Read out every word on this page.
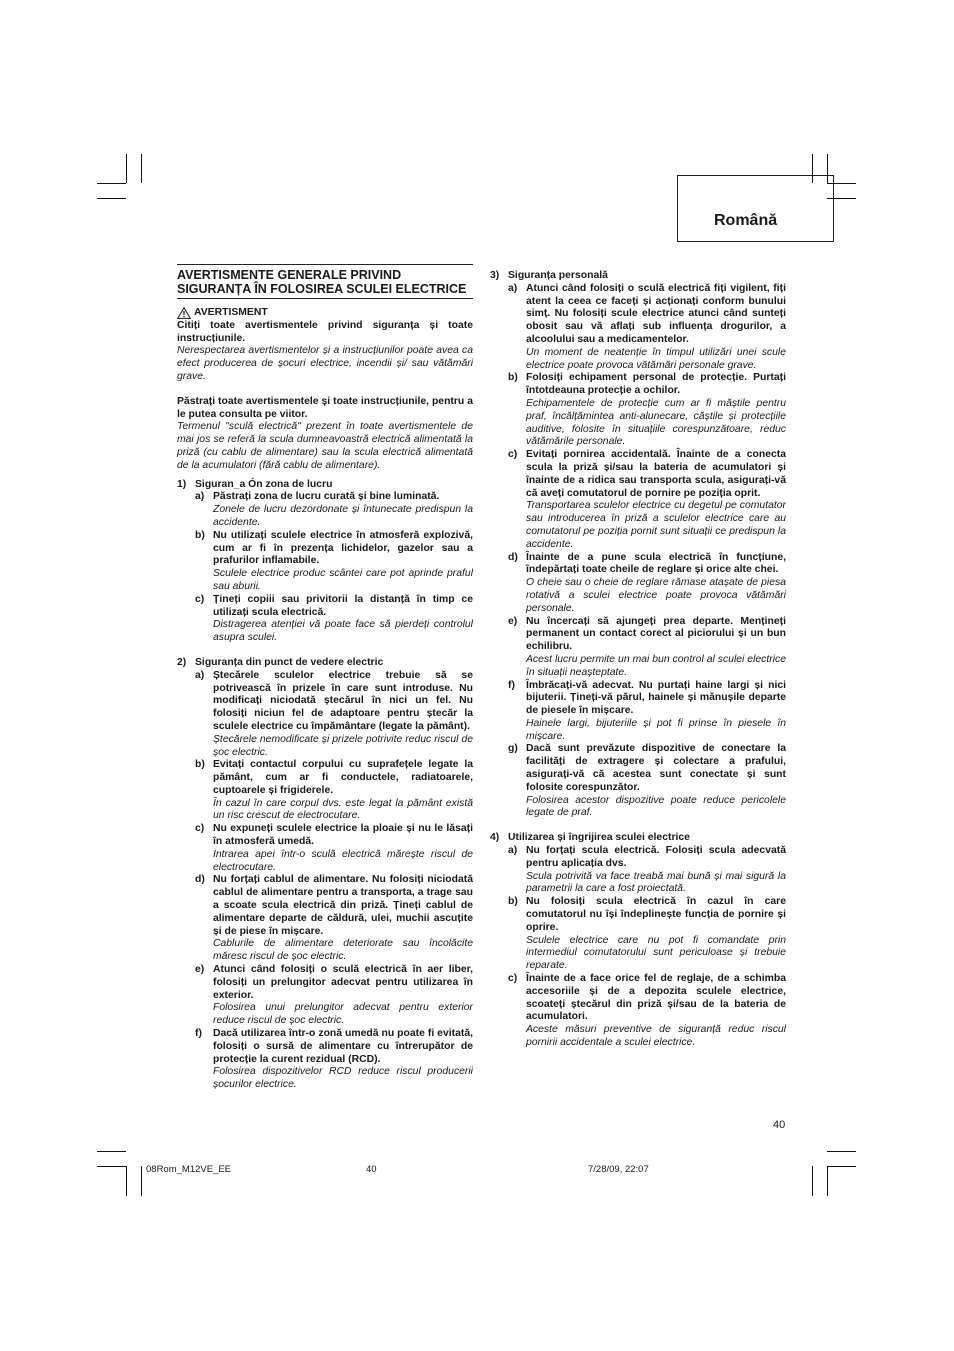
Română
AVERTISMENTE GENERALE PRIVIND SIGURANȚA ÎN FOLOSIREA SCULEI ELECTRICE
AVERTISMENT

Citiți toate avertismentele privind siguranța și toate instrucțiunile.

Nerespectarea avertismentelor și a instrucțiunilor poate avea ca efect producerea de șocuri electrice, incendii și/ sau vătămări grave.

Păstrați toate avertismentele și toate instrucțiunile, pentru a le putea consulta pe viitor.

Termenul "sculă electrică" prezent în toate avertismentele de mai jos se referă la scula dumneavoastră electrică alimentată la priză (cu cablu de alimentare) sau la scula electrică alimentată de la acumulatori (fără cablu de alimentare).

1) Siguran_a Ón zona de lucru
a) Păstrați zona de lucru curată și bine luminată.

Zonele de lucru dezordonate și întunecate predispun la accidente.

b) Nu utilizați sculele electrice în atmosferă explozivă, cum ar fi în prezența lichidelor, gazelor sau a prafurilor inflamabile.

Sculele electrice produc scântei care pot aprinde praful sau aburii.

c) Țineți copiii sau privitorii la distanță în timp ce utilizați scula electrică.

Distragerea atenției vă poate face să pierdeți controlul asupra sculei.

2) Siguranța din punct de vedere electric
a) Ștecărele sculelor electrice trebuie să se potrivească în prizele în care sunt introduse. Nu modificați niciodată ștecărul în nici un fel. Nu folosiți niciun fel de adaptoare pentru ștecăr la sculele electrice cu împământare (legate la pământ).

Ștecărele nemodificate și prizele potrivite reduc riscul de șoc electric.

b) Evitați contactul corpului cu suprafețele legate la pământ, cum ar fi conductele, radiatoarele, cuptoarele și frigiderele.

În cazul în care corpul dvs. este legat la pământ există un risc crescut de electrocutare.

c) Nu expuneți sculele electrice la ploaie și nu le lăsați în atmosferă umedă.

Intrarea apei într-o sculă electrică mărește riscul de electrocutare.

d) Nu forțați cablul de alimentare. Nu folosiți niciodată cablul de alimentare pentru a transporta, a trage sau a scoate scula electrică din priză. Țineți cablul de alimentare departe de căldură, ulei, muchii ascuțite și de piese în mișcare.

Cablurile de alimentare deteriorate sau încolăcite măresc riscul de șoc electric.

e) Atunci când folosiți o sculă electrică în aer liber, folosiți un prelungitor adecvat pentru utilizarea în exterior.

Folosirea unui prelungitor adecvat pentru exterior reduce riscul de șoc electric.

f) Dacă utilizarea într-o zonă umedă nu poate fi evitată, folosiți o sursă de alimentare cu întrerupător de protecție la curent rezidual (RCD).

Folosirea dispozitivelor RCD reduce riscul producerii șocurilor electrice.

3) Siguranța personală
a) Atunci când folosiți o sculă electrică fiți vigilent, fiți atent la ceea ce faceți și acționați conform bunului simț. Nu folosiți scule electrice atunci când sunteți obosit sau vă aflați sub influența drogurilor, a alcoolului sau a medicamentelor.

Un moment de neatenție în timpul utilizări unei scule electrice poate provoca vătămări personale grave.

b) Folosiți echipament personal de protecție. Purtați întotdeauna protecție a ochilor.

Echipamentele de protecție cum ar fi măștile pentru praf, încălțămintea anti-alunecare, căștile și protecțiile auditive, folosite în situațiile corespunzătoare, reduc vătămările personale.

c) Evitați pornirea accidentală. Înainte de a conecta scula la priză și/sau la bateria de acumulatori și înainte de a ridica sau transporta scula, asigurați-vă că aveți comutatorul de pornire pe poziția oprit.

Transportarea sculelor electrice cu degetul pe comutator sau introducerea în priză a sculelor electrice care au comutatorul pe poziția pornit sunt situații ce predispun la accidente.

d) Înainte de a pune scula electrică în funcțiune, îndepărtați toate cheile de reglare și orice alte chei.

O cheie sau o cheie de reglare rămase atașate de piesa rotativă a sculei electrice poate provoca vătămări personale.

e) Nu încercați să ajungeți prea departe. Mențineți permanent un contact corect al piciorului și un bun echilibru.

Acest lucru permite un mai bun control al sculei electrice în situații neașteptate.

f) Îmbrăcați-vă adecvat. Nu purtați haine largi și nici bijuterii. Țineți-vă părul, hainele și mănușile departe de piesele în mișcare.

Hainele largi, bijuteriile și pot fi prinse în piesele în mișcare.

g) Dacă sunt prevăzute dispozitive de conectare la facilități de extragere și colectare a prafului, asigurați-vă că acestea sunt conectate și sunt folosite corespunzător.

Folosirea acestor dispozitive poate reduce pericolele legate de praf.

4) Utilizarea și îngrijirea sculei electrice
a) Nu forțați scula electrică. Folosiți scula adecvată pentru aplicația dvs.

Scula potrivită va face treabă mai bună și mai sigură la parametrii la care a fost proiectată.

b) Nu folosiți scula electrică în cazul în care comutatorul nu își îndeplinește funcția de pornire și oprire.

Sculele electrice care nu pot fi comandate prin intermediul comutatorului sunt periculoase și trebuie reparate.

c) Înainte de a face orice fel de reglaje, de a schimba accesoriile și de a depozita sculele electrice, scoateți ștecărul din priză și/sau de la bateria de acumulatori.

Aceste măsuri preventive de siguranță reduc riscul pornirii accidentale a sculei electrice.

40
08Rom_M12VE_EE	40	7/28/09, 22:07
